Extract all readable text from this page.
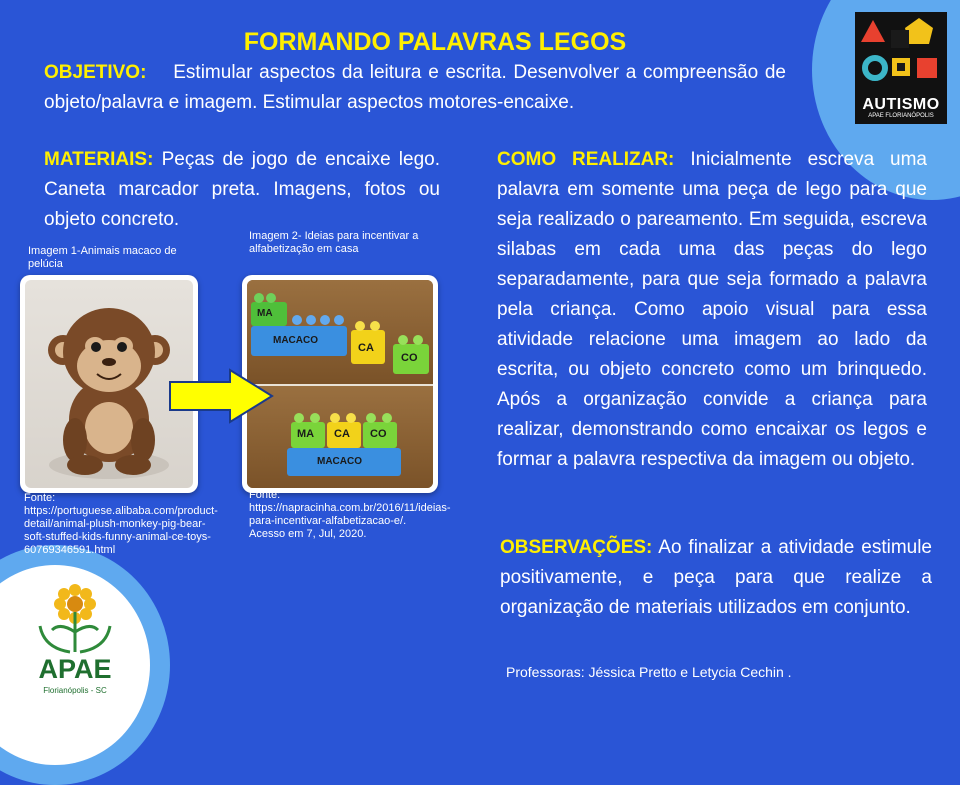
FORMANDO PALAVRAS LEGOS

OBJETIVO: Estimular aspectos da leitura e escrita. Desenvolver a compreensão de objeto/palavra e imagem. Estimular aspectos motores-encaixe.

MATERIAIS: Peças de jogo de encaixe lego. Caneta marcador preta. Imagens, fotos ou objeto concreto.

COMO REALIZAR: Inicialmente escreva uma palavra em somente uma peça de lego para que seja realizado o pareamento. Em seguida, escreva silabas em cada uma das peças do lego separadamente, para que seja formado a palavra pela criança. Como apoio visual para essa atividade relacione uma imagem ao lado da escrita, ou objeto concreto como um brinquedo. Após a organização convide a criança para realizar, demonstrando como encaixar os legos e formar a palavra respectiva da imagem ou objeto.

OBSERVAÇÕES: Ao finalizar a atividade estimule positivamente, e peça para que realize a organização de materiais utilizados em conjunto.

Imagem 1-Animais macaco de pelúcia

Imagem 2- Ideias para incentivar a alfabetização em casa

MA
MACACO
CA
CO
MA CA CO
MACACO

Fonte: https://portuguese.alibaba.com/product-detail/animal-plush-monkey-pig-bear-soft-stuffed-kids-funny-animal-ce-toys-60769346591.html

Fonte: https://napracinha.com.br/2016/11/ideias-para-incentivar-alfabetizacao-e/. Acesso em 7, Jul, 2020.

AUTISMO
APAE FLORIANÓPOLIS
APAE
Florianópolis - SC

Professoras: Jéssica Pretto e Letycia Cechin .
